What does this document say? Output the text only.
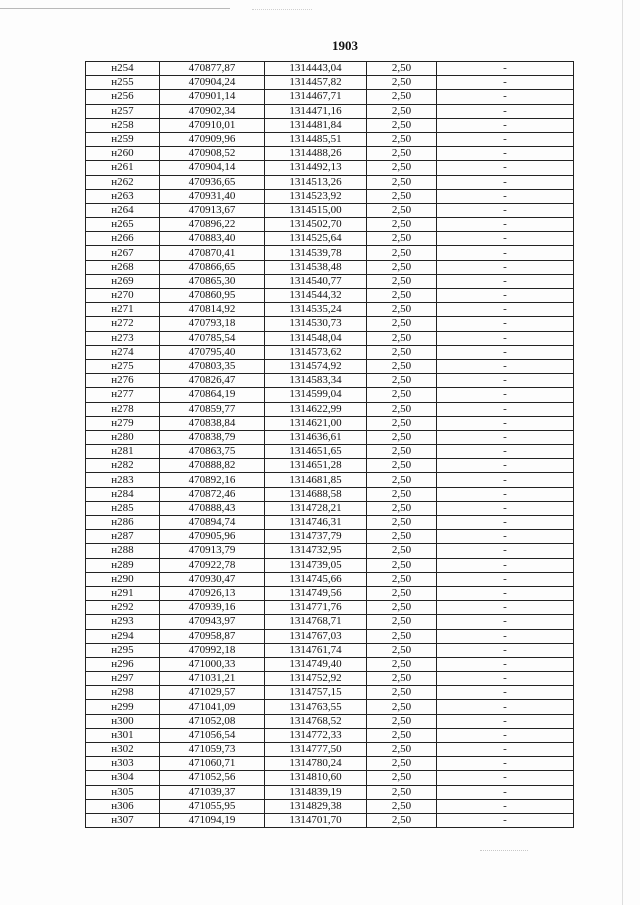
1903
н254	470877,87	1314443,04	2,50	-
н255	470904,24	1314457,82	2,50	-
н256	470901,14	1314467,71	2,50	-
н257	470902,34	1314471,16	2,50	-
н258	470910,01	1314481,84	2,50	-
н259	470909,96	1314485,51	2,50	-
н260	470908,52	1314488,26	2,50	-
н261	470904,14	1314492,13	2,50	-
н262	470936,65	1314513,26	2,50	-
н263	470931,40	1314523,92	2,50	-
н264	470913,67	1314515,00	2,50	-
н265	470896,22	1314502,70	2,50	-
н266	470883,40	1314525,64	2,50	-
н267	470870,41	1314539,78	2,50	-
н268	470866,65	1314538,48	2,50	-
н269	470865,30	1314540,77	2,50	-
н270	470860,95	1314544,32	2,50	-
н271	470814,92	1314535,24	2,50	-
н272	470793,18	1314530,73	2,50	-
н273	470785,54	1314548,04	2,50	-
н274	470795,40	1314573,62	2,50	-
н275	470803,35	1314574,92	2,50	-
н276	470826,47	1314583,34	2,50	-
н277	470864,19	1314599,04	2,50	-
н278	470859,77	1314622,99	2,50	-
н279	470838,84	1314621,00	2,50	-
н280	470838,79	1314636,61	2,50	-
н281	470863,75	1314651,65	2,50	-
н282	470888,82	1314651,28	2,50	-
н283	470892,16	1314681,85	2,50	-
н284	470872,46	1314688,58	2,50	-
н285	470888,43	1314728,21	2,50	-
н286	470894,74	1314746,31	2,50	-
н287	470905,96	1314737,79	2,50	-
н288	470913,79	1314732,95	2,50	-
н289	470922,78	1314739,05	2,50	-
н290	470930,47	1314745,66	2,50	-
н291	470926,13	1314749,56	2,50	-
н292	470939,16	1314771,76	2,50	-
н293	470943,97	1314768,71	2,50	-
н294	470958,87	1314767,03	2,50	-
н295	470992,18	1314761,74	2,50	-
н296	471000,33	1314749,40	2,50	-
н297	471031,21	1314752,92	2,50	-
н298	471029,57	1314757,15	2,50	-
н299	471041,09	1314763,55	2,50	-
н300	471052,08	1314768,52	2,50	-
н301	471056,54	1314772,33	2,50	-
н302	471059,73	1314777,50	2,50	-
н303	471060,71	1314780,24	2,50	-
н304	471052,56	1314810,60	2,50	-
н305	471039,37	1314839,19	2,50	-
н306	471055,95	1314829,38	2,50	-
н307	471094,19	1314701,70	2,50	-
